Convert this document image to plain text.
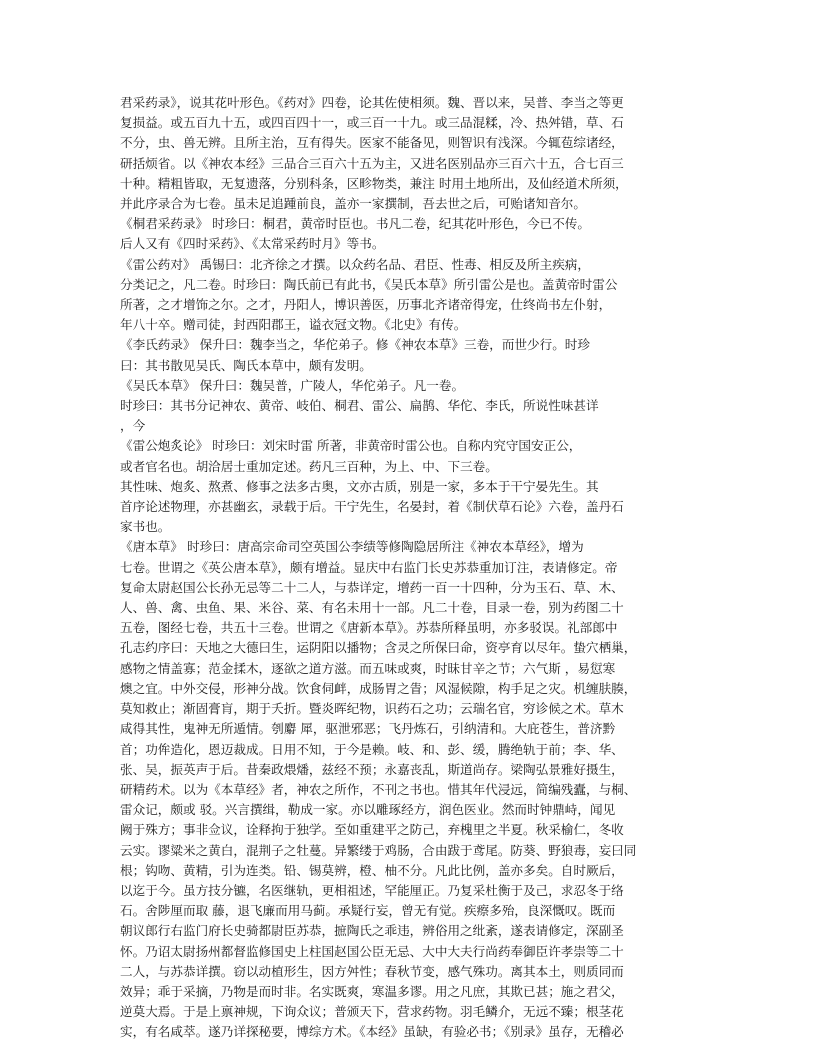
君采药录》，说其花叶形色。《药对》四卷，论其佐使相须。魏、晋以来，吴普、李当之等更
复损益。或五百九十五，或四百四十一，或三百一十九。或三品混糅，冷、热舛错，草、石
不分，虫、兽无辨。且所主治，互有得失。医家不能备见，则智识有浅深。今辄苞综诸经，
研括烦省。以《神农本经》三品合三百六十五为主，又进名医别品亦三百六十五，合七百三
十种。精粗皆取，无复遗落，分别科条，区畛物类，兼注 时用土地所出，及仙经道术所须，
并此序录合为七卷。虽未足追踵前良，盖亦一家撰制，吾去世之后，可贻诸知音尔。
《桐君采药录》 时珍曰：桐君，黄帝时臣也。书凡二卷，纪其花叶形色，今已不传。
后人又有《四时采药》、《太常采药时月》等书。
《雷公药对》 禹锡曰：北齐徐之才撰。以众药名品、君臣、性毒、相反及所主疾病，
分类记之，凡二卷。时珍曰：陶氏前已有此书，《吴氏本草》所引雷公是也。盖黄帝时雷公
所著，之才增饰之尔。之才，丹阳人，博识善医，历事北齐诸帝得宠，仕终尚书左仆射，
年八十卒。赠司徒，封西阳郡王，谥衣冠文物。《北史》有传。
《李氏药录》 保升曰：魏李当之，华佗弟子。修《神农本草》三卷，而世少行。时珍
曰：其书散见吴氏、陶氏本草中，颇有发明。
《吴氏本草》 保升曰：魏吴普，广陵人，华佗弟子。凡一卷。
时珍曰：其书分记神农、黄帝、岐伯、桐君、雷公、扁鹊、华佗、李氏，所说性味甚详
，今
《雷公炮炙论》 时珍曰：刘宋时雷 所著，非黄帝时雷公也。自称内究守国安正公，
或者官名也。胡洽居士重加定述。药凡三百种，为上、中、下三卷。
其性味、炮炙、熬煮、修事之法多古奥，文亦古质，别是一家，多本于干宁晏先生。其
首序论述物理，亦甚幽玄，录载于后。干宁先生，名晏封，着《制伏草石论》六卷，盖丹石
家书也。
《唐本草》 时珍曰：唐高宗命司空英国公李绩等修陶隐居所注《神农本草经》，增为
七卷。世谓之《英公唐本草》，颇有增益。显庆中右监门长史苏恭重加订注，表请修定。帝
复命太尉赵国公长孙无忌等二十二人，与恭详定，增药一百一十四种，分为玉石、草、木、
人、兽、禽、虫鱼、果、米谷、菜、有名未用十一部。凡二十卷，目录一卷，别为药图二十
五卷，图经七卷，共五十三卷。世谓之《唐新本草》。苏恭所释虽明，亦多驳误。礼部郎中
孔志约序曰：天地之大德曰生，运阴阳以播物；含灵之所保曰命，资亭育以尽年。蛰穴栖巢，
感物之情盖寡；范金揉木，逐欲之道方滋。而五味或爽，时昧甘辛之节；六气斯 ，易愆寒
燠之宜。中外交侵，形神分战。饮食伺衅，成肠胃之眚；风湿候隙，构手足之灾。机缠肤腠，
莫知救止；渐固膏肓，期于夭折。暨炎晖纪物，识药石之功；云瑞名官，穷诊候之术。草木
咸得其性，鬼神无所遁情。刳麝 犀，驱泄邪恶；飞丹炼石，引纳清和。大庇苍生，普济黔
首；功侔造化，恩迈裁成。日用不知，于今是赖。岐、和、彭、缓，腾绝轨于前；李、华、
张、吴，振英声于后。昔秦政煨燔，兹经不预；永嘉丧乱，斯道尚存。梁陶弘景雅好摄生，
研精药术。以为《本草经》者，神农之所作，不刊之书也。惜其年代浸远，简编残蠹，与桐、
雷众记，颇或 驳。兴言撰缉，勒成一家。亦以雕琢经方，润色医业。然而时钟鼎峙，闻见
阙于殊方；事非佥议，诠释拘于独学。至如重建平之防己，弃槐里之半夏。秋采榆仁，冬收
云实。谬粱米之黄白，混荆子之牡蔓。异繁缕于鸡肠，合由跋于鸢尾。防葵、野狼毒，妄曰同
根；钩吻、黄精，引为连类。铅、锡莫辨，橙、柚不分。凡此比例，盖亦多矣。自时厥后，
以迄于今。虽方技分镳，名医继轨，更相祖述，罕能厘正。乃复采杜衡于及己，求忍冬于络
石。舍陟厘而取 藤，退飞廉而用马蓟。承疑行妄，曾无有觉。疾瘵多殆，良深慨叹。既而
朝议郎行右监门府长史骑都尉臣苏恭，摭陶氏之乖违，辨俗用之纰紊，遂表请修定，深副圣
怀。乃诏太尉扬州都督监修国史上柱国赵国公臣无忌、大中大夫行尚药奉御臣许孝崇等二十
二人，与苏恭详撰。窃以动植形生，因方舛性；春秋节变，感气殊功。离其本土，则质同而
效异；乖于采摘，乃物是而时非。名实既爽，寒温多谬。用之凡庶，其欺已甚；施之君父，
逆莫大焉。于是上禀神规，下询众议；普颁天下，营求药物。羽毛鳞介，无远不臻；根茎花
实，有名咸萃。遂乃详探秘要，博综方术。《本经》虽缺，有验必书；《别录》虽存，无稽必
